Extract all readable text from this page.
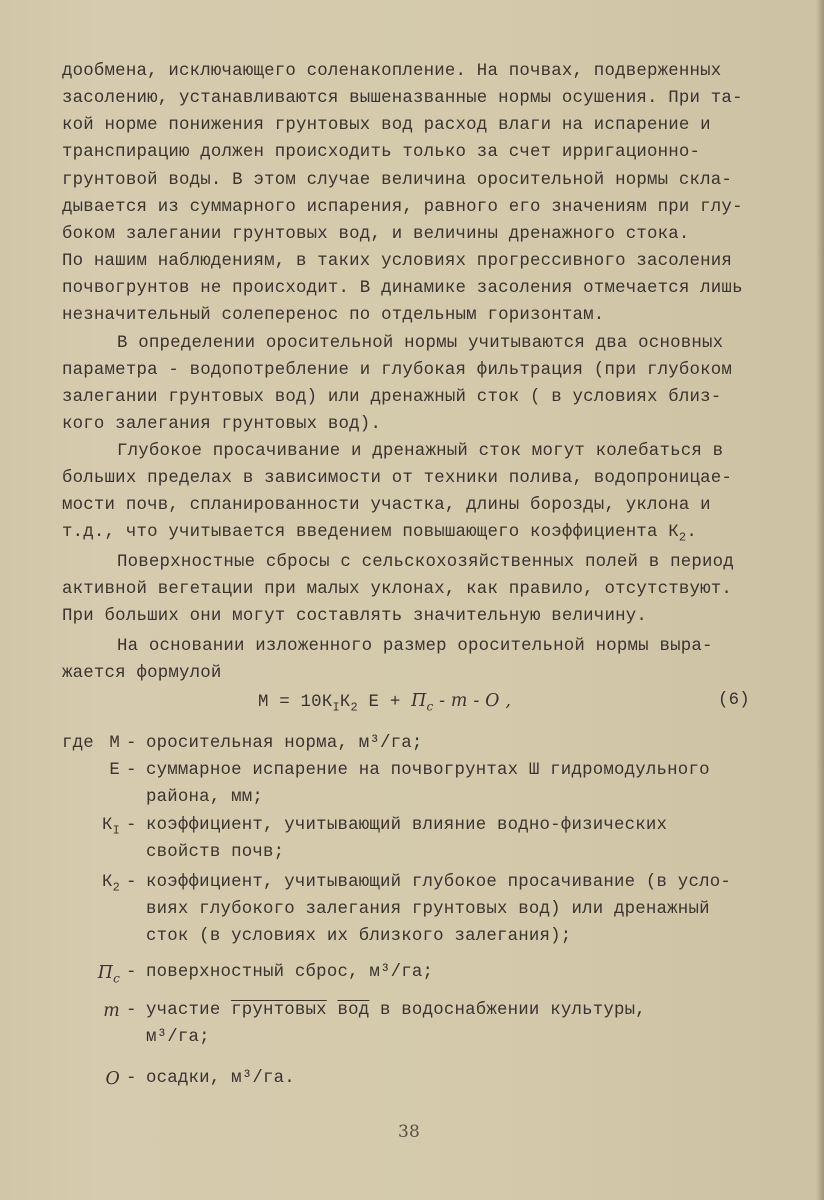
дообмена, исключающего соленакопление. На почвах, подверженных
засолению, устанавливаются вышеназванные нормы осушения. При та-
кой норме понижения грунтовых вод расход влаги на испарение и
транспирацию должен происходить только за счет ирригационно-
грунтовой воды. В этом случае величина оросительной нормы скла-
дывается из суммарного испарения, равного его значениям при глу-
боком залегании грунтовых вод, и величины дренажного стока.
По нашим наблюдениям, в таких условиях прогрессивного засоления
почвогрунтов не происходит. В динамике засоления отмечается лишь
незначительный солеперенос по отдельным горизонтам.
В определении оросительной нормы учитываются два основных
параметра - водопотребление и глубокая фильтрация (при глубоком
залегании грунтовых вод) или дренажный сток ( в условиях близ-
кого залегания грунтовых вод).
Глубокое просачивание и дренажный сток могут колебаться в
больших пределах в зависимости от техники полива, водопроницае-
мости почв, спланированности участка, длины борозды, уклона и
т.д., что учитывается введением повышающего коэффициента $К_2$.
Поверхностные сбросы с сельскохозяйственных полей в период
активной вегетации при малых уклонах, как правило, отсутствуют.
При больших они могут составлять значительную величину.
На основании изложенного размер оросительной нормы выра-
жается формулой
$М = 10К_IК_2$ $Е + П_с - m - O$ ,	(6)
где М - оросительная норма, м³/га;
Е - суммарное испарение на почвогрунтах Ш гидромодульного
района, мм;
$К_I$ - коэффициент, учитывающий влияние водно-физических
свойств почв;
$К_2$ - коэффициент, учитывающий глубокое просачивание (в усло-
виях глубокого залегания грунтовых вод) или дренажный
сток (в условиях их близкого залегания);
$П_с$ - поверхностный сброс, м³/га;
m - участие грунтовых вод в водоснабжении культуры,
м³/га;
O - осадки, м³/га.
38
